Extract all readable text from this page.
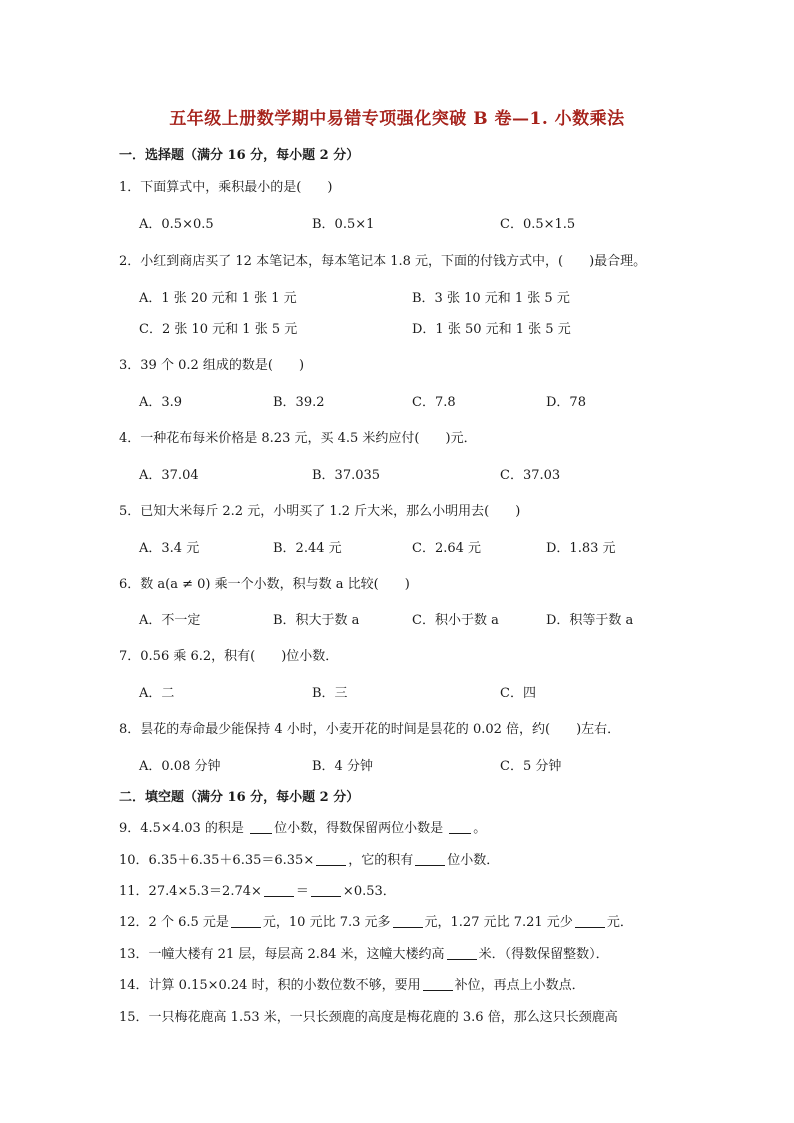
五年级上册数学期中易错专项强化突破 B 卷—1. 小数乘法
一．选择题（满分 16 分，每小题 2 分）
1．下面算式中，乘积最小的是(　　)
A．0.5×0.5	B．0.5×1	C．0.5×1.5
2．小红到商店买了 12 本笔记本，每本笔记本 1.8 元，下面的付钱方式中，(　　)最合理。
A．1 张 20 元和 1 张 1 元	B．3 张 10 元和 1 张 5 元
C．2 张 10 元和 1 张 5 元	D．1 张 50 元和 1 张 5 元
3．39 个 0.2 组成的数是(　　)
A．3.9	B．39.2	C．7.8	D．78
4．一种花布每米价格是 8.23 元，买 4.5 米约应付(　　)元．
A．37.04	B．37.035	C．37.03
5．已知大米每斤 2.2 元，小明买了 1.2 斤大米，那么小明用去(　　)
A．3.4 元	B．2.44 元	C．2.64 元	D．1.83 元
6．数 a(a ≠ 0) 乘一个小数，积与数 a 比较(　　)
A．不一定	B．积大于数 a	C．积小于数 a	D．积等于数 a
7．0.56 乘 6.2，积有(　　)位小数．
A．二	B．三	C．四
8．昙花的寿命最少能保持 4 小时，小麦开花的时间是昙花的 0.02 倍，约(　　)左右．
A．0.08 分钟	B．4 分钟	C．5 分钟
二．填空题（满分 16 分，每小题 2 分）
9．4.5×4.03 的积是 位小数，得数保留两位小数是 。
10．6.35＋6.35＋6.35＝6.35×	，它的积有	位小数．
11．27.4×5.3＝2.74×	＝	×0.53．
12．2 个 6.5 元是	元，10 元比 7.3 元多	元，1.27 元比 7.21 元少	元．
13．一幢大楼有 21 层，每层高 2.84 米，这幢大楼约高	米．（得数保留整数）．
14．计算 0.15×0.24 时，积的小数位数不够，要用	补位，再点上小数点．
15．一只梅花鹿高 1.53 米，一只长颈鹿的高度是梅花鹿的 3.6 倍，那么这只长颈鹿高
